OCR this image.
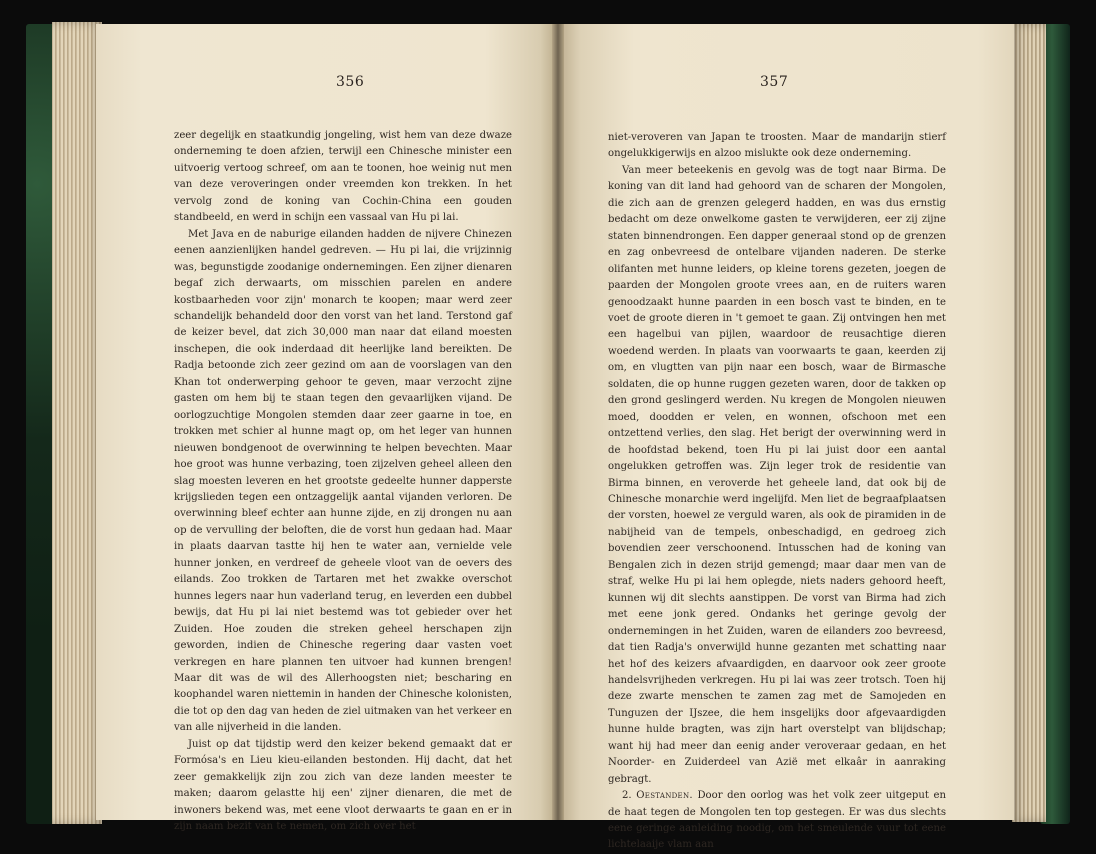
356	357

zeer degelijk en staatkundig jongeling, wist hem van deze dwaze onderneming te doen afzien, terwijl een Chinesche minister een uitvoerig vertoog schreef, om aan te toonen, hoe weinig nut men van deze veroveringen onder vreemden kon trekken. In het vervolg zond de koning van Cochin-China een gouden standbeeld, en werd in schijn een vassaal van Hu pi lai.

Met Java en de naburige eilanden hadden de nijvere Chinezen eenen aanzienlijken handel gedreven. — Hu pi lai, die vrijzinnig was, begunstigde zoodanige ondernemingen. Een zijner dienaren begaf zich derwaarts, om misschien parelen en andere kostbaarheden voor zijn' monarch te koopen; maar werd zeer schandelijk behandeld door den vorst van het land. Terstond gaf de keizer bevel, dat zich 30,000 man naar dat eiland moesten inschepen, die ook inderdaad dit heerlijke land bereikten. De Radja betoonde zich zeer gezind om aan de voorslagen van den Khan tot onderwerping gehoor te geven, maar verzocht zijne gasten om hem bij te staan tegen den gevaarlijken vijand. De oorlogzuchtige Mongolen stemden daar zeer gaarne in toe, en trokken met schier al hunne magt op, om het leger van hunnen nieuwen bondgenoot de overwinning te helpen bevechten. Maar hoe groot was hunne verbazing, toen zijzelven geheel alleen den slag moesten leveren en het grootste gedeelte hunner dapperste krijgslieden tegen een ontzaggelijk aantal vijanden verloren. De overwinning bleef echter aan hunne zijde, en zij drongen nu aan op de vervulling der beloften, die de vorst hun gedaan had. Maar in plaats daarvan tastte hij hen te water aan, vernielde vele hunner jonken, en verdreef de geheele vloot van de oevers des eilands. Zoo trokken de Tartaren met het zwakke overschot hunnes legers naar hun vaderland terug, en leverden een dubbel bewijs, dat Hu pi lai niet bestemd was tot gebieder over het Zuiden. Hoe zouden die streken geheel herschapen zijn geworden, indien de Chinesche regering daar vasten voet verkregen en hare plannen ten uitvoer had kunnen brengen! Maar dit was de wil des Allerhoogsten niet; bescharing en koophandel waren niettemin in handen der Chinesche kolonisten, die tot op den dag van heden de ziel uitmaken van het verkeer en van alle nijverheid in die landen.

Juist op dat tijdstip werd den keizer bekend gemaakt dat er Formósa's en Lieu kieu-eilanden bestonden. Hij dacht, dat het zeer gemakkelijk zijn zou zich van deze landen meester te maken; daarom gelastte hij een' zijner dienaren, die met de inwoners bekend was, met eene vloot derwaarts te gaan en er in zijn naam bezit van te nemen, om zich over het

niet-veroveren van Japan te troosten. Maar de mandarijn stierf ongelukkigerwijs en alzoo mislukte ook deze onderneming.

Van meer beteekenis en gevolg was de togt naar Birma. De koning van dit land had gehoord van de scharen der Mongolen, die zich aan de grenzen gelegerd hadden, en was dus ernstig bedacht om deze onwelkome gasten te verwijderen, eer zij zijne staten binnendrongen. Een dapper generaal stond op de grenzen en zag onbevreesd de ontelbare vijanden naderen. De sterke olifanten met hunne leiders, op kleine torens gezeten, joegen de paarden der Mongolen groote vrees aan, en de ruiters waren genoodzaakt hunne paarden in een bosch vast te binden, en te voet de groote dieren in 't gemoet te gaan. Zij ontvingen hen met een hagelbui van pijlen, waardoor de reusachtige dieren woedend werden. In plaats van voorwaarts te gaan, keerden zij om, en vlugtten van pijn naar een bosch, waar de Birmasche soldaten, die op hunne ruggen gezeten waren, door de takken op den grond geslingerd werden. Nu kregen de Mongolen nieuwen moed, doodden er velen, en wonnen, ofschoon met een ontzettend verlies, den slag. Het berigt der overwinning werd in de hoofdstad bekend, toen Hu pi lai juist door een aantal ongelukken getroffen was. Zijn leger trok de residentie van Birma binnen, en veroverde het geheele land, dat ook bij de Chinesche monarchie werd ingelijfd. Men liet de begraafplaatsen der vorsten, hoewel ze verguld waren, als ook de piramiden in de nabijheid van de tempels, onbeschadigd, en gedroeg zich bovendien zeer verschoonend. Intusschen had de koning van Bengalen zich in dezen strijd gemengd; maar daar men van de straf, welke Hu pi lai hem oplegde, niets naders gehoord heeft, kunnen wij dit slechts aanstippen. De vorst van Birma had zich met eene jonk gered. Ondanks het geringe gevolg der ondernemingen in het Zuiden, waren de eilanders zoo bevreesd, dat tien Radja's onverwijld hunne gezanten met schatting naar het hof des keizers afvaardigden, en daarvoor ook zeer groote handelsvrijheden verkregen. Hu pi lai was zeer trotsch. Toen hij deze zwarte menschen te zamen zag met de Samojeden en Tunguzen der IJszee, die hem insgelijks door afgevaardigden hunne hulde bragten, was zijn hart overstelpt van blijdschap; want hij had meer dan eenig ander veroveraar gedaan, en het Noorder- en Zuiderdeel van Azië met elkaâr in aanraking gebragt.

2. Oestanden. Door den oorlog was het volk zeer uitgeput en de haat tegen de Mongolen ten top gestegen. Er was dus slechts eene geringe aanleiding noodig, om het smeulende vuur tot eene lichtelaaije vlam aan
